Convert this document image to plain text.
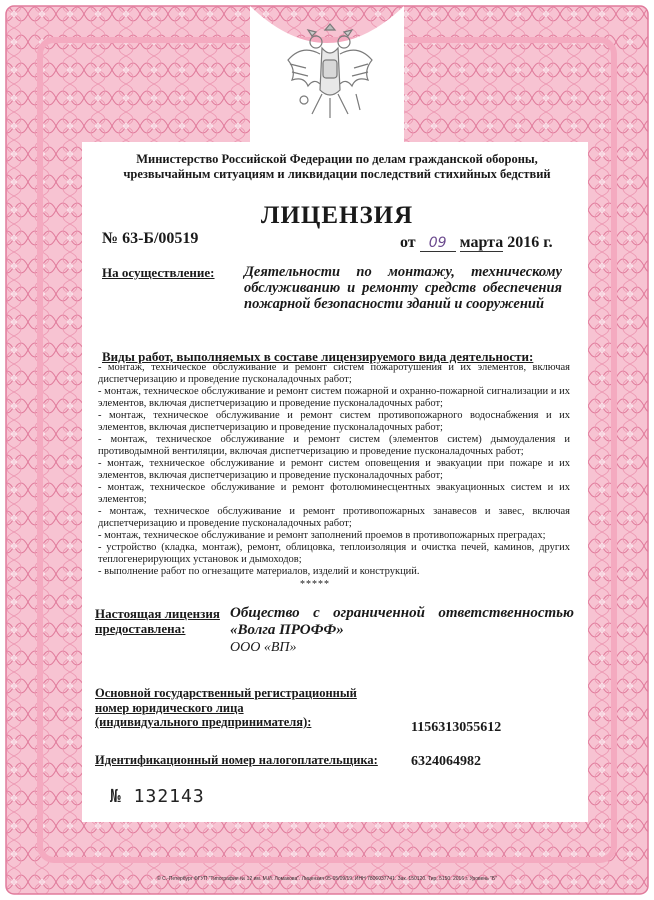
Министерство Российской Федерации по делам гражданской обороны,
чрезвычайным ситуациям и ликвидации последствий стихийных бедствий
ЛИЦЕНЗИЯ
№ 63-Б/00519	от 09 марта 2016 г.
На осуществление: Деятельности по монтажу, техническому обслуживанию и ремонту средств обеспечения пожарной безопасности зданий и сооружений
Виды работ, выполняемых в составе лицензируемого вида деятельности:
- монтаж, техническое обслуживание и ремонт систем пожаротушения и их элементов, включая диспетчеризацию и проведение пусконаладочных работ;
- монтаж, техническое обслуживание и ремонт систем пожарной и охранно-пожарной сигнализации и их элементов, включая диспетчеризацию и проведение пусконаладочных работ;
- монтаж, техническое обслуживание и ремонт систем противопожарного водоснабжения и их элементов, включая диспетчеризацию и проведение пусконаладочных работ;
- монтаж, техническое обслуживание и ремонт систем (элементов систем) дымоудаления и противодымной вентиляции, включая диспетчеризацию и проведение пусконаладочных работ;
- монтаж, техническое обслуживание и ремонт систем оповещения и эвакуации при пожаре и их элементов, включая диспетчеризацию и проведение пусконаладочных работ;
- монтаж, техническое обслуживание и ремонт фотолюминесцентных эвакуационных систем и их элементов;
- монтаж, техническое обслуживание и ремонт противопожарных занавесов и завес, включая диспетчеризацию и проведение пусконаладочных работ;
- монтаж, техническое обслуживание и ремонт заполнений проемов в противопожарных преградах;
- устройство (кладка, монтаж), ремонт, облицовка, теплоизоляция и очистка печей, каминов, других теплогенерирующих установок и дымоходов;
- выполнение работ по огнезащите материалов, изделий и конструкций.
*****
Настоящая лицензия
предоставлена:
Общество с ограниченной ответственностью «Волга ПРОФФ»
ООО «ВП»
Основной государственный регистрационный
номер юридического лица
(индивидуального предпринимателя):	1156313055612
Идентификационный номер налогоплательщика: 6324064982
№ 132143
© С.-Петербург ФГУП "Типография № 12 им. М.И. Ломакова". Лицензия 05-05/09/19. ИНН 7806037741. Зак. 150120. Тир. 5150. 2016 г. Уровень "Б"
